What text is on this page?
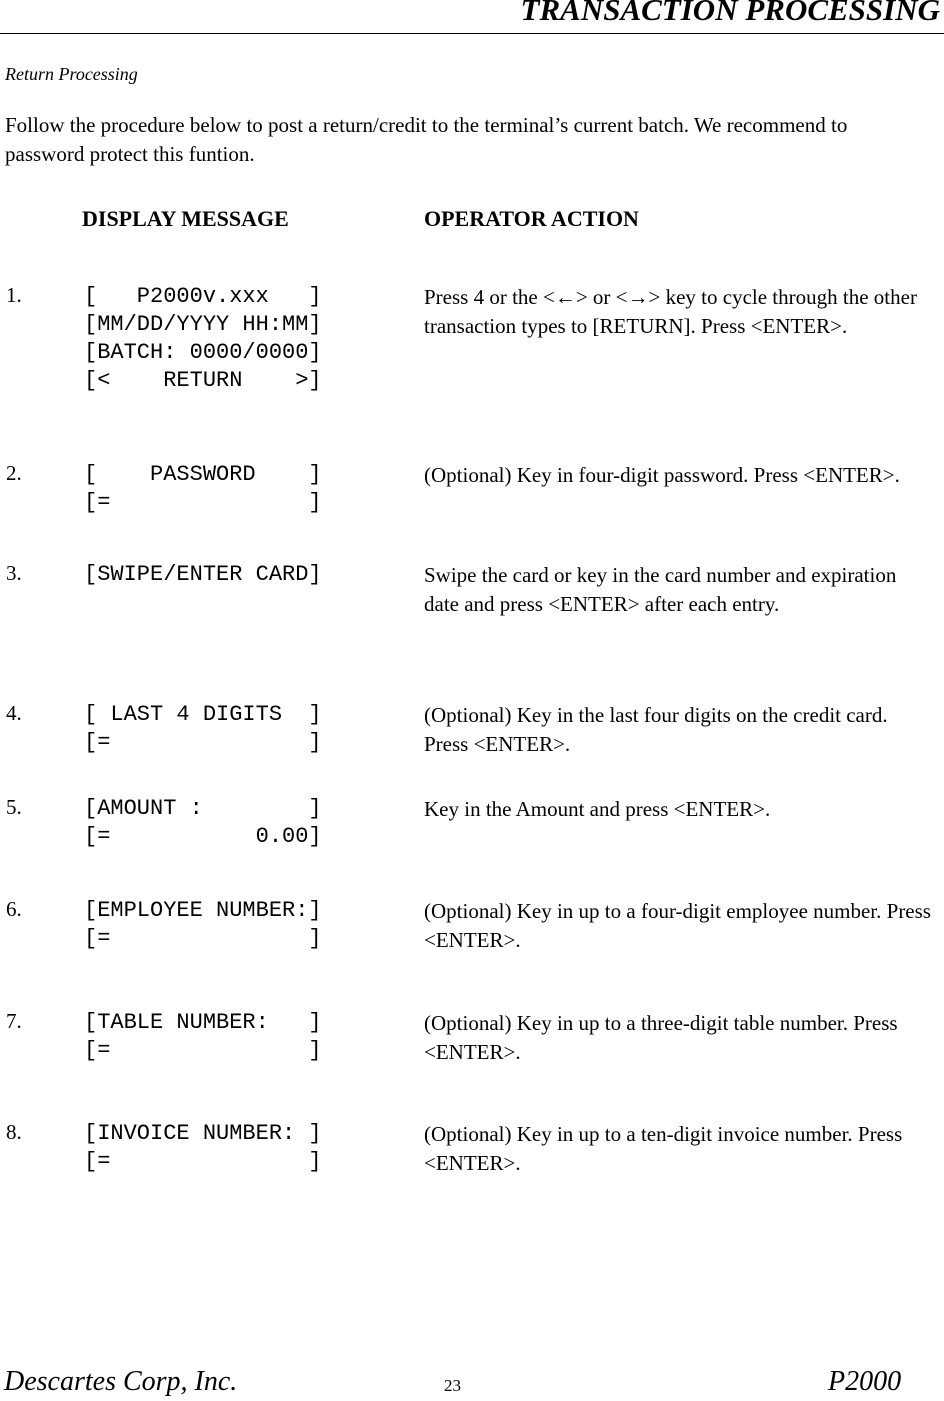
TRANSACTION PROCESSING
Return Processing
Follow the procedure below to post a return/credit to the terminal’s current batch. We recommend to password protect this funtion.
DISPLAY MESSAGE	OPERATOR ACTION
1.	[   P2000v.xxx   ]
[MM/DD/YYYY HH:MM]
[BATCH: 0000/0000]
[<    RETURN    >]
Press 4 or the <←> or <→> key to cycle through the other transaction types to [RETURN]. Press <ENTER>.
2.	[    PASSWORD    ]
[=               ]
(Optional) Key in four-digit password. Press <ENTER>.
3.	[SWIPE/ENTER CARD]	Swipe the card or key in the card number and expiration date and press <ENTER> after each entry.
4.	[ LAST 4 DIGITS  ]
[=               ]
(Optional) Key in the last four digits on the credit card. Press <ENTER>.
5.	[AMOUNT :        ]
[=           0.00]
Key in the Amount and press <ENTER>.
6.	[EMPLOYEE NUMBER:]
[=               ]
(Optional) Key in up to a four-digit employee number. Press <ENTER>.
7.	[TABLE NUMBER:   ]
[=               ]
(Optional) Key in up to a three-digit table number. Press <ENTER>.
8.	[INVOICE NUMBER: ]
[=               ]
(Optional) Key in up to a ten-digit invoice number. Press <ENTER>.
Descartes Corp, Inc.	23	P2000
